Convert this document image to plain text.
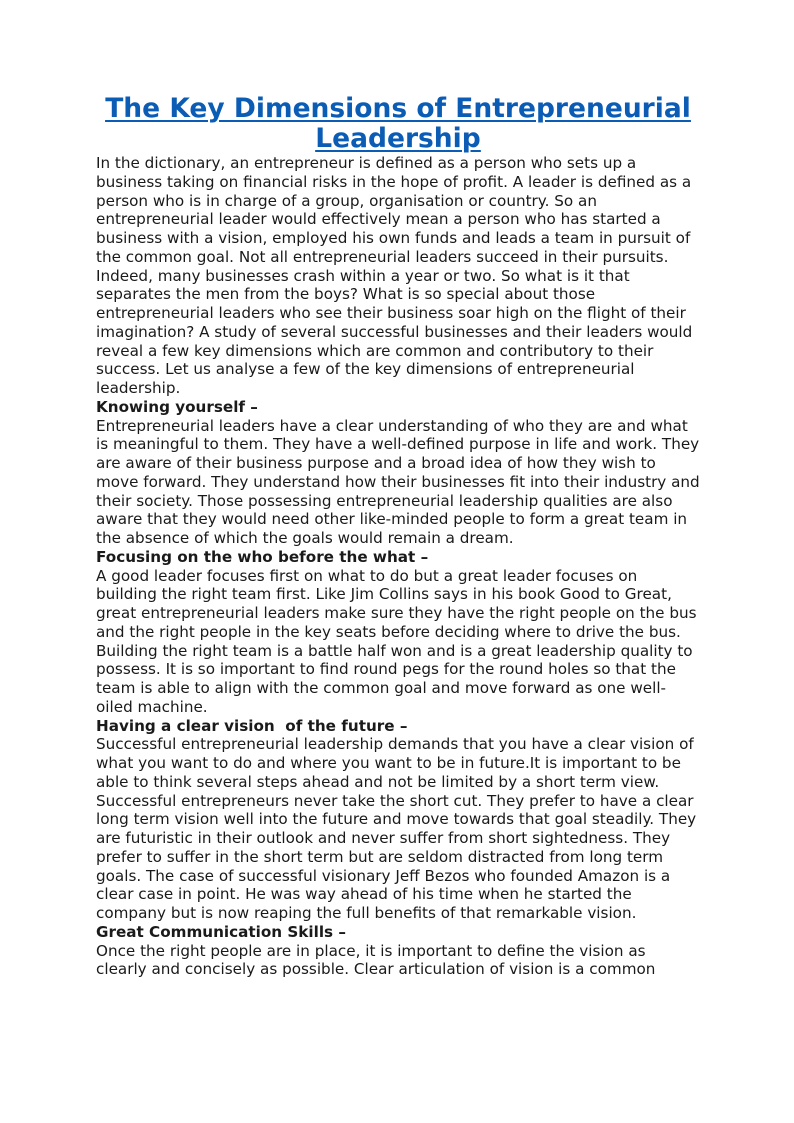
The Key Dimensions of Entrepreneurial Leadership

In the dictionary, an entrepreneur is defined as a person who sets up a business taking on financial risks in the hope of profit. A leader is defined as a person who is in charge of a group, organisation or country. So an entrepreneurial leader would effectively mean a person who has started a business with a vision, employed his own funds and leads a team in pursuit of the common goal. Not all entrepreneurial leaders succeed in their pursuits. Indeed, many businesses crash within a year or two. So what is it that separates the men from the boys? What is so special about those entrepreneurial leaders who see their business soar high on the flight of their imagination? A study of several successful businesses and their leaders would reveal a few key dimensions which are common and contributory to their success. Let us analyse a few of the key dimensions of entrepreneurial leadership.

Knowing yourself –

Entrepreneurial leaders have a clear understanding of who they are and what is meaningful to them. They have a well-defined purpose in life and work. They are aware of their business purpose and a broad idea of how they wish to move forward. They understand how their businesses fit into their industry and their society. Those possessing entrepreneurial leadership qualities are also aware that they would need other like-minded people to form a great team in the absence of which the goals would remain a dream.

Focusing on the who before the what –

A good leader focuses first on what to do but a great leader focuses on building the right team first. Like Jim Collins says in his book Good to Great, great entrepreneurial leaders make sure they have the right people on the bus and the right people in the key seats before deciding where to drive the bus. Building the right team is a battle half won and is a great leadership quality to possess. It is so important to find round pegs for the round holes so that the team is able to align with the common goal and move forward as one well-oiled machine.

Having a clear vision  of the future –

Successful entrepreneurial leadership demands that you have a clear vision of what you want to do and where you want to be in future.It is important to be able to think several steps ahead and not be limited by a short term view. Successful entrepreneurs never take the short cut. They prefer to have a clear long term vision well into the future and move towards that goal steadily. They are futuristic in their outlook and never suffer from short sightedness. They prefer to suffer in the short term but are seldom distracted from long term goals. The case of successful visionary Jeff Bezos who founded Amazon is a clear case in point. He was way ahead of his time when he started the company but is now reaping the full benefits of that remarkable vision.

Great Communication Skills –

Once the right people are in place, it is important to define the vision as clearly and concisely as possible. Clear articulation of vision is a common
